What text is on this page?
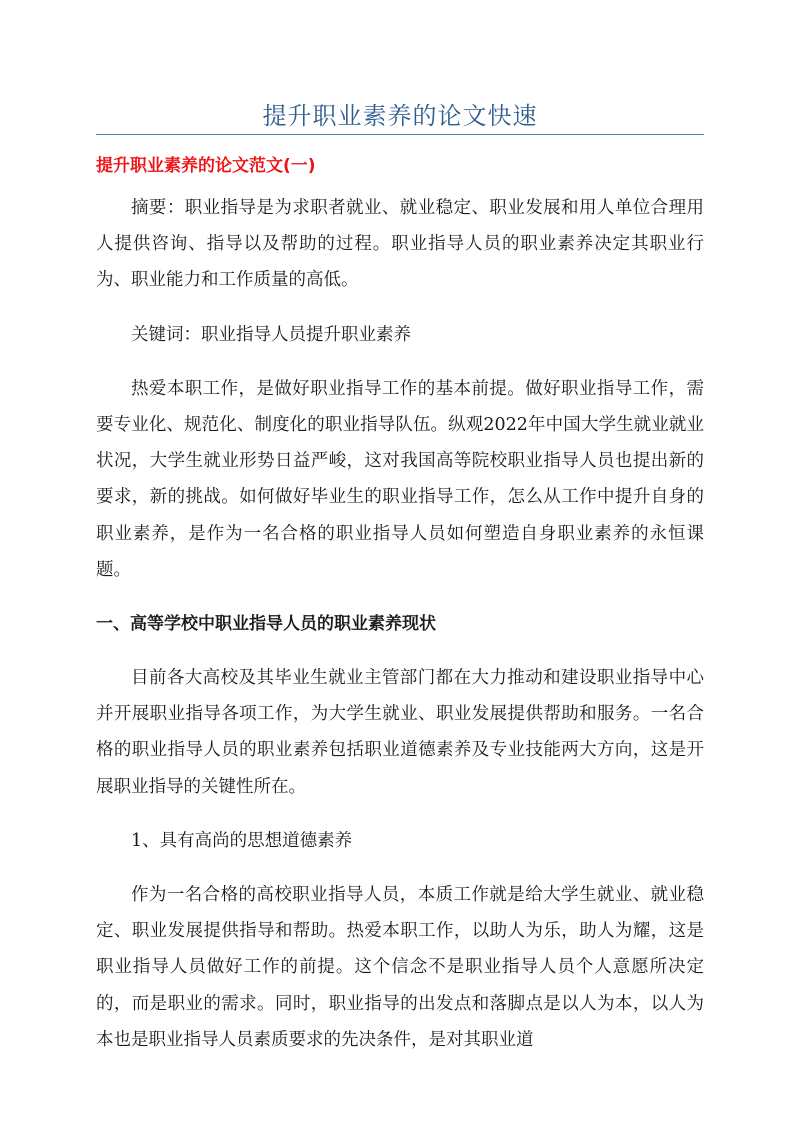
提升职业素养的论文快速

提升职业素养的论文范文(一)

摘要：职业指导是为求职者就业、就业稳定、职业发展和用人单位合理用人提供咨询、指导以及帮助的过程。职业指导人员的职业素养决定其职业行为、职业能力和工作质量的高低。

关键词：职业指导人员提升职业素养

热爱本职工作，是做好职业指导工作的基本前提。做好职业指导工作，需要专业化、规范化、制度化的职业指导队伍。纵观2022年中国大学生就业就业状况，大学生就业形势日益严峻，这对我国高等院校职业指导人员也提出新的要求，新的挑战。如何做好毕业生的职业指导工作，怎么从工作中提升自身的职业素养，是作为一名合格的职业指导人员如何塑造自身职业素养的永恒课题。

一、高等学校中职业指导人员的职业素养现状

目前各大高校及其毕业生就业主管部门都在大力推动和建设职业指导中心并开展职业指导各项工作，为大学生就业、职业发展提供帮助和服务。一名合格的职业指导人员的职业素养包括职业道德素养及专业技能两大方向，这是开展职业指导的关键性所在。

1、具有高尚的思想道德素养

作为一名合格的高校职业指导人员，本质工作就是给大学生就业、就业稳定、职业发展提供指导和帮助。热爱本职工作，以助人为乐，助人为耀，这是职业指导人员做好工作的前提。这个信念不是职业指导人员个人意愿所决定的，而是职业的需求。同时，职业指导的出发点和落脚点是以人为本，以人为本也是职业指导人员素质要求的先决条件，是对其职业道
